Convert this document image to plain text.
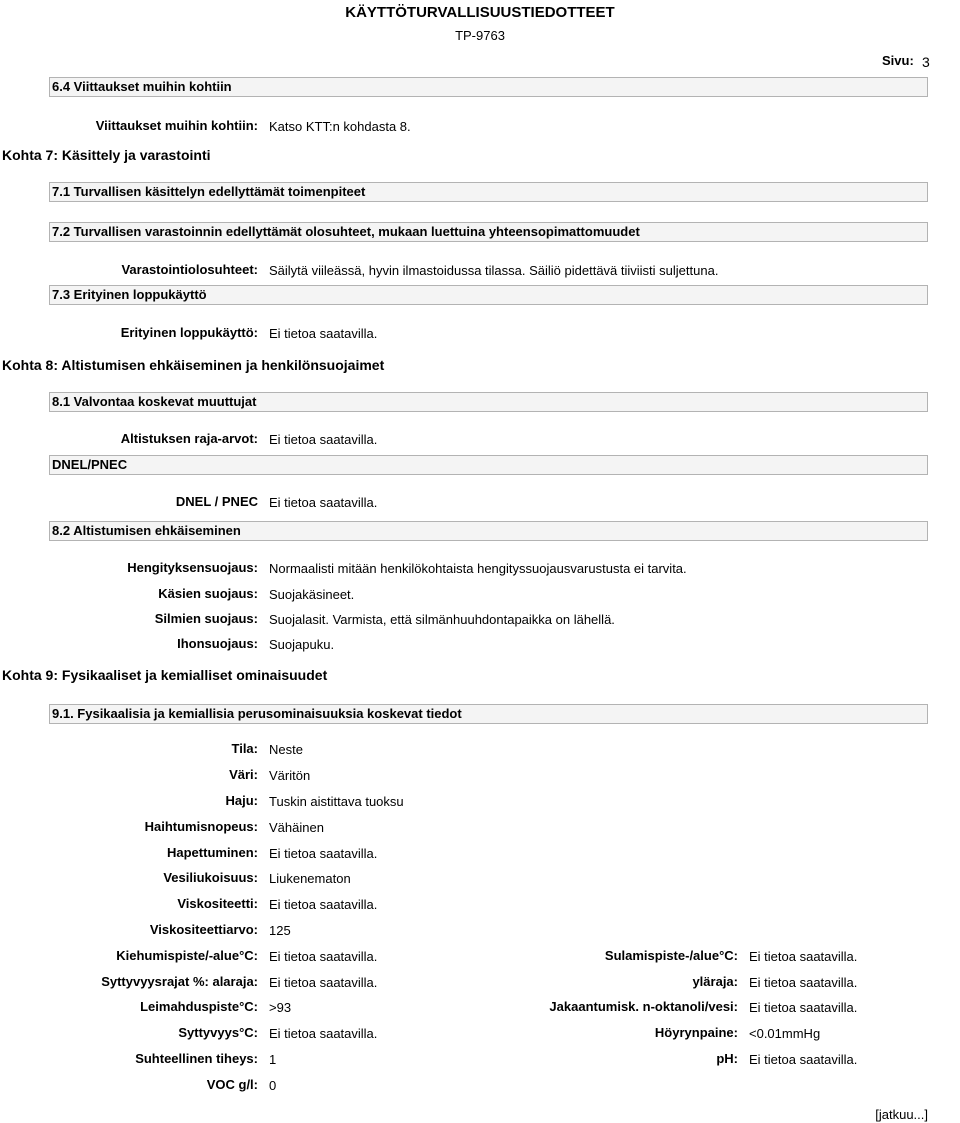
KÄYTTÖTURVALLISUUSTIEDOTTEET
TP-9763
Sivu: 3
6.4 Viittaukset muihin kohtiin
Viittaukset muihin kohtiin: Katso KTT:n kohdasta 8.
Kohta 7: Käsittely ja varastointi
7.1 Turvallisen käsittelyn edellyttämät toimenpiteet
7.2 Turvallisen varastoinnin edellyttämät olosuhteet, mukaan luettuina yhteensopimattomuudet
Varastointiolosuhteet: Säilytä viileässä, hyvin ilmastoidussa tilassa. Säiliö pidettävä tiiviisti suljettuna.
7.3 Erityinen loppukäyttö
Erityinen loppukäyttö: Ei tietoa saatavilla.
Kohta 8: Altistumisen ehkäiseminen ja henkilönsuojaimet
8.1 Valvontaa koskevat muuttujat
Altistuksen raja-arvot: Ei tietoa saatavilla.
DNEL/PNEC
DNEL / PNEC Ei tietoa saatavilla.
8.2 Altistumisen ehkäiseminen
Hengityksensuojaus: Normaalisti mitään henkilökohtaista hengityssuojausvarustusta ei tarvita.
Käsien suojaus: Suojakäsineet.
Silmien suojaus: Suojalasit. Varmista, että silmänhuuhdontapaikka on lähellä.
Ihonsuojaus: Suojapuku.
Kohta 9: Fysikaaliset ja kemialliset ominaisuudet
9.1. Fysikaalisia ja kemiallisia perusominaisuuksia koskevat tiedot
Tila: Neste
Väri: Väritön
Haju: Tuskin aistittava tuoksu
Haihtumisnopeus: Vähäinen
Hapettuminen: Ei tietoa saatavilla.
Vesiliukoisuus: Liukenematon
Viskositeetti: Ei tietoa saatavilla.
Viskositeettiarvo: 125
Kiehumispiste/-alue°C: Ei tietoa saatavilla.
Syttyvyysrajat %: alaraja: Ei tietoa saatavilla.
Leimahduspiste°C: >93
Syttyvyys°C: Ei tietoa saatavilla.
Suhteellinen tiheys: 1
VOC g/l: 0
Sulamispiste-/alue°C: Ei tietoa saatavilla.
yläraja: Ei tietoa saatavilla.
Jakaantumisk. n-oktanoli/vesi: Ei tietoa saatavilla.
Höyrynpaine: <0.01mmHg
pH: Ei tietoa saatavilla.
[jatkuu...]
